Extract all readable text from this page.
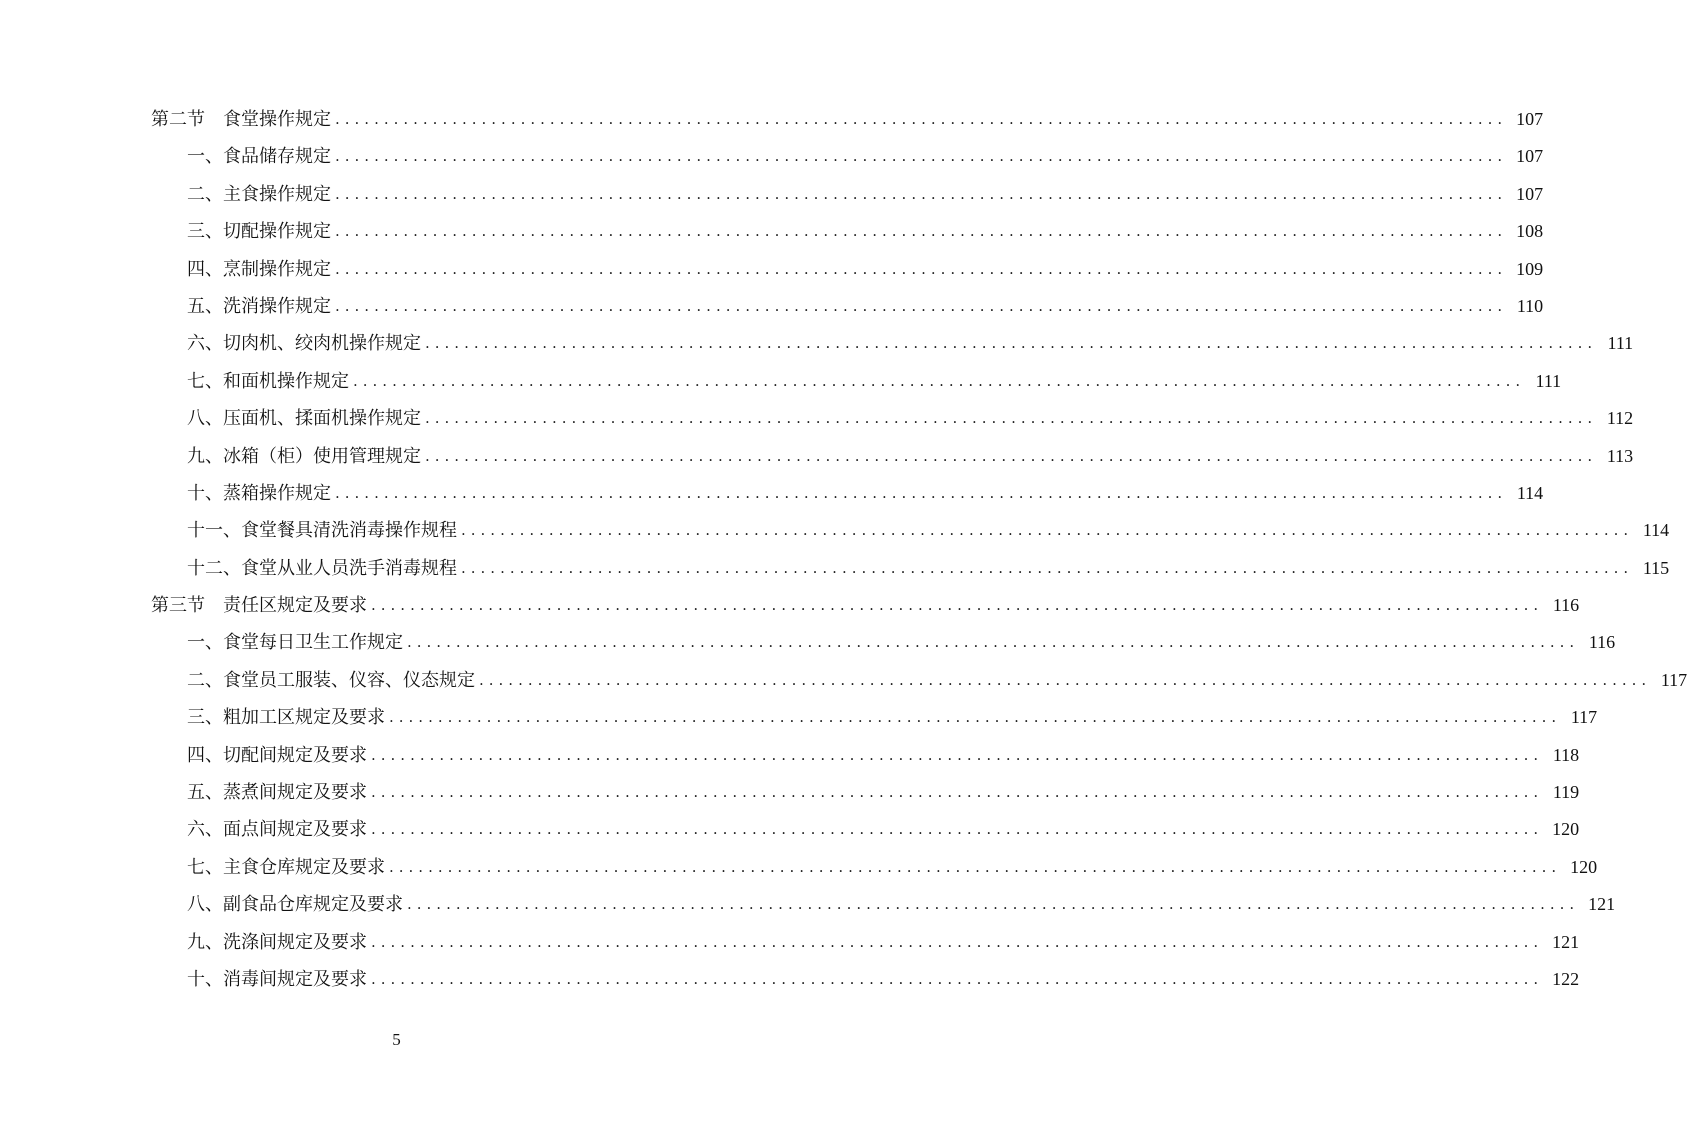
第二节　食堂操作规定 ........................................................................................................................ 107
一、食品储存规定 ........................................................................................................................ 107
二、主食操作规定 ........................................................................................................................ 107
三、切配操作规定 ........................................................................................................................ 108
四、烹制操作规定 ........................................................................................................................ 109
五、洗消操作规定 ........................................................................................................................ 110
六、切肉机、绞肉机操作规定 ........................................................................................................................ 111
七、和面机操作规定 ........................................................................................................................ 111
八、压面机、揉面机操作规定 ........................................................................................................................ 112
九、冰箱（柜）使用管理规定 ........................................................................................................................ 113
十、蒸箱操作规定 ........................................................................................................................ 114
十一、食堂餐具清洗消毒操作规程 ........................................................................................................................ 114
十二、食堂从业人员洗手消毒规程 ........................................................................................................................ 115
第三节　责任区规定及要求 ........................................................................................................................ 116
一、食堂每日卫生工作规定 ........................................................................................................................ 116
二、食堂员工服装、仪容、仪态规定 ........................................................................................................................ 117
三、粗加工区规定及要求 ........................................................................................................................ 117
四、切配间规定及要求 ........................................................................................................................ 118
五、蒸煮间规定及要求 ........................................................................................................................ 119
六、面点间规定及要求 ........................................................................................................................ 120
七、主食仓库规定及要求 ........................................................................................................................ 120
八、副食品仓库规定及要求 ........................................................................................................................ 121
九、洗涤间规定及要求 ........................................................................................................................ 121
十、消毒间规定及要求 ........................................................................................................................ 122
5
